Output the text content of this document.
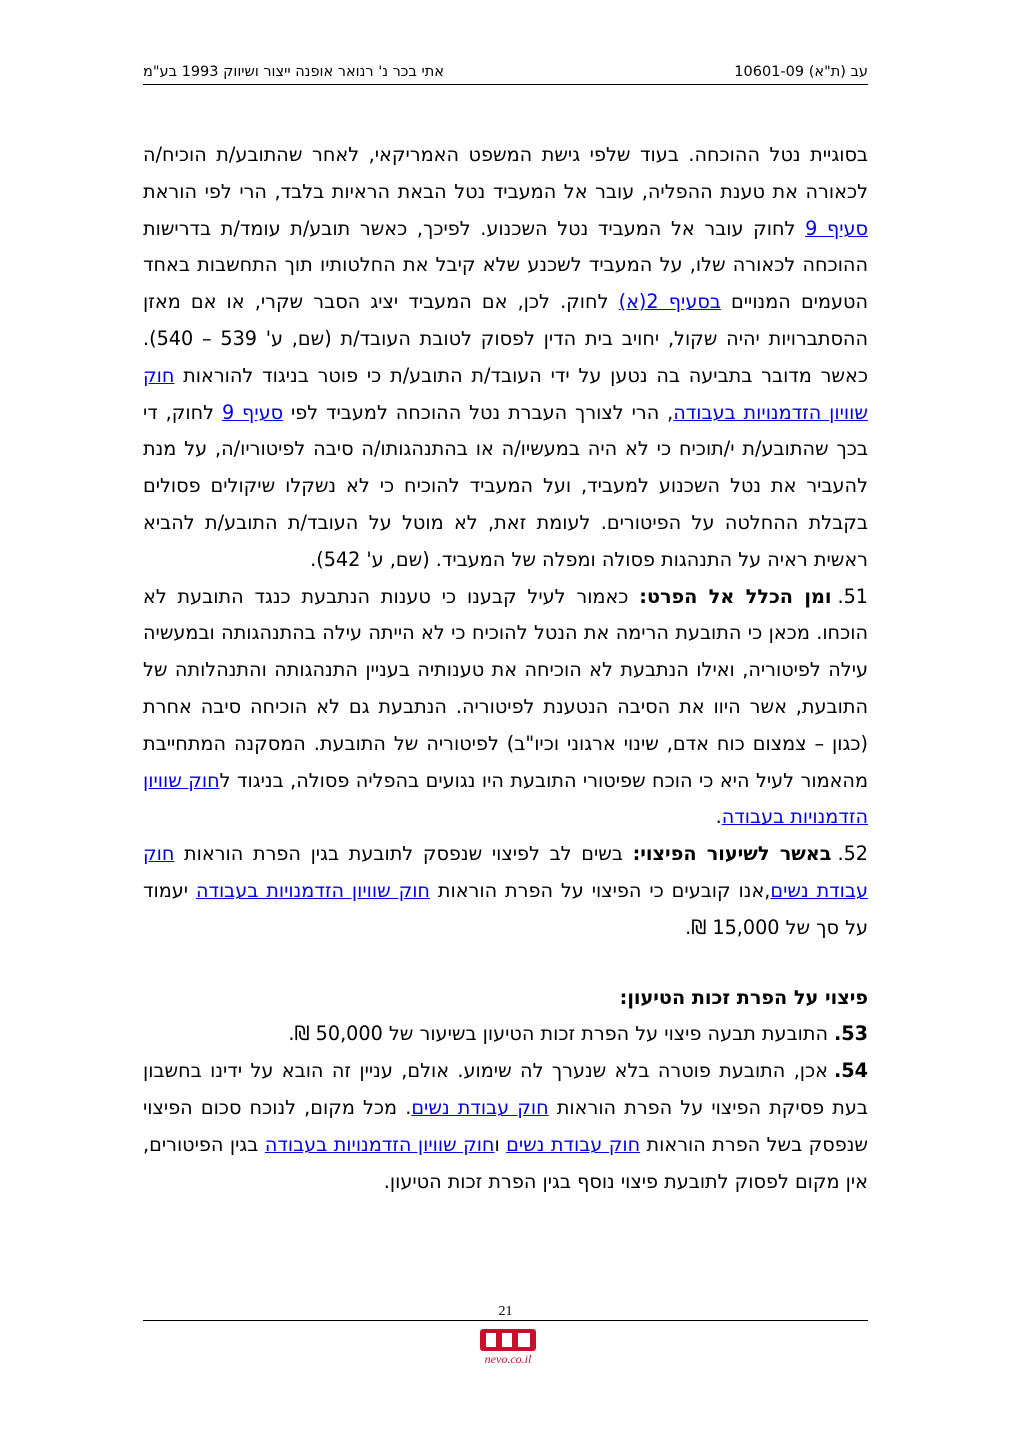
עב (ת"א) 10601-09
אתי בכר נ' רנואר אופנה ייצור ושיווק 1993 בע"מ

בסוגיית נטל ההוכחה. בעוד שלפי גישת המשפט האמריקאי, לאחר שהתובע/ת הוכיח/ה לכאורה את טענת ההפליה, עובר אל המעביד נטל הבאת הראיות בלבד, הרי לפי הוראת סעיף 9 לחוק עובר אל המעביד נטל השכנוע. לפיכך, כאשר תובע/ת עומד/ת בדרישות ההוכחה לכאורה שלו, על המעביד לשכנע שלא קיבל את החלטותיו תוך התחשבות באחד הטעמים המנויים בסעיף 2(א) לחוק. לכן, אם המעביד יציג הסבר שקרי, או אם מאזן ההסתברויות יהיה שקול, יחויב בית הדין לפסוק לטובת העובד/ת (שם, ע' 539 – 540). כאשר מדובר בתביעה בה נטען על ידי העובד/ת התובע/ת כי פוטר בניגוד להוראות חוק שוויון הזדמנויות בעבודה, הרי לצורך העברת נטל ההוכחה למעביד לפי סעיף 9 לחוק, די בכך שהתובע/ת י/תוכיח כי לא היה במעשיו/ה או בהתנהגותו/ה סיבה לפיטוריו/ה, על מנת להעביר את נטל השכנוע למעביד, ועל המעביד להוכיח כי לא נשקלו שיקולים פסולים בקבלת ההחלטה על הפיטורים. לעומת זאת, לא מוטל על העובד/ת התובע/ת להביא ראשית ראיה על התנהגות פסולה ומפלה של המעביד. (שם, ע' 542).

51.ומן הכלל אל הפרט: כאמור לעיל קבענו כי טענות הנתבעת כנגד התובעת לא הוכחו. מכאן כי התובעת הרימה את הנטל להוכיח כי לא הייתה עילה בהתנהגותה ובמעשיה עילה לפיטוריה, ואילו הנתבעת לא הוכיחה את טענותיה בעניין התנהגותה והתנהלותה של התובעת, אשר היוו את הסיבה הנטענת לפיטוריה. הנתבעת גם לא הוכיחה סיבה אחרת (כגון – צמצום כוח אדם, שינוי ארגוני וכיו"ב) לפיטוריה של התובעת. המסקנה המתחייבת מהאמור לעיל היא כי הוכח שפיטורי התובעת היו נגועים בהפליה פסולה, בניגוד לחוק שוויון הזדמנויות בעבודה.

52.באשר לשיעור הפיצוי: בשים לב לפיצוי שנפסק לתובעת בגין הפרת הוראות חוק עבודת נשים,אנו קובעים כי הפיצוי על הפרת הוראות חוק שוויון הזדמנויות בעבודה יעמוד על סך של 15,000 ₪.

פיצוי על הפרת זכות הטיעון:

53.התובעת תבעה פיצוי על הפרת זכות הטיעון בשיעור של 50,000 ₪.

54.אכן, התובעת פוטרה בלא שנערך לה שימוע. אולם, עניין זה הובא על ידינו בחשבון בעת פסיקת הפיצוי על הפרת הוראות חוק עבודת נשים. מכל מקום, לנוכח סכום הפיצוי שנפסק בשל הפרת הוראות חוק עבודת נשים וחוק שוויון הזדמנויות בעבודה בגין הפיטורים, אין מקום לפסוק לתובעת פיצוי נוסף בגין הפרת זכות הטיעון.

21
nevo.co.il
